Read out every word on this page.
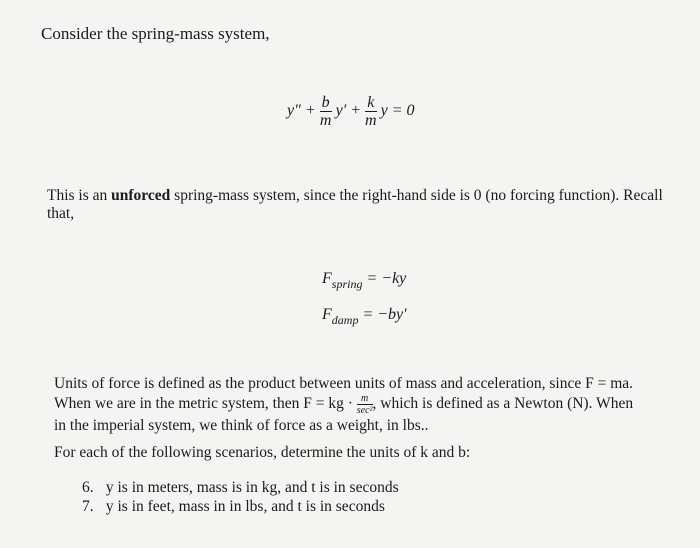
Consider the spring-mass system,
y" + $\frac{b}{m} y' + \frac{k}{m}$ y = 0
This is an unforced spring-mass system, since the right-hand side is 0 (no forcing function). Recall that,
$F_{spring} = -ky$
$F_{damp} = -by'$
Units of force is defined as the product between units of mass and acceleration, since F = ma.
When we are in the metric system, then F = kg · $\frac{m}{\text{sec²}}$ , which is defined as a Newton (N). When
in the imperial system, we think of force as a weight, in lbs..
For each of the following scenarios, determine the units of k and b:
6. y is in meters, mass is in kg, and t is in seconds
7. y is in feet, mass in in lbs, and t is in seconds
